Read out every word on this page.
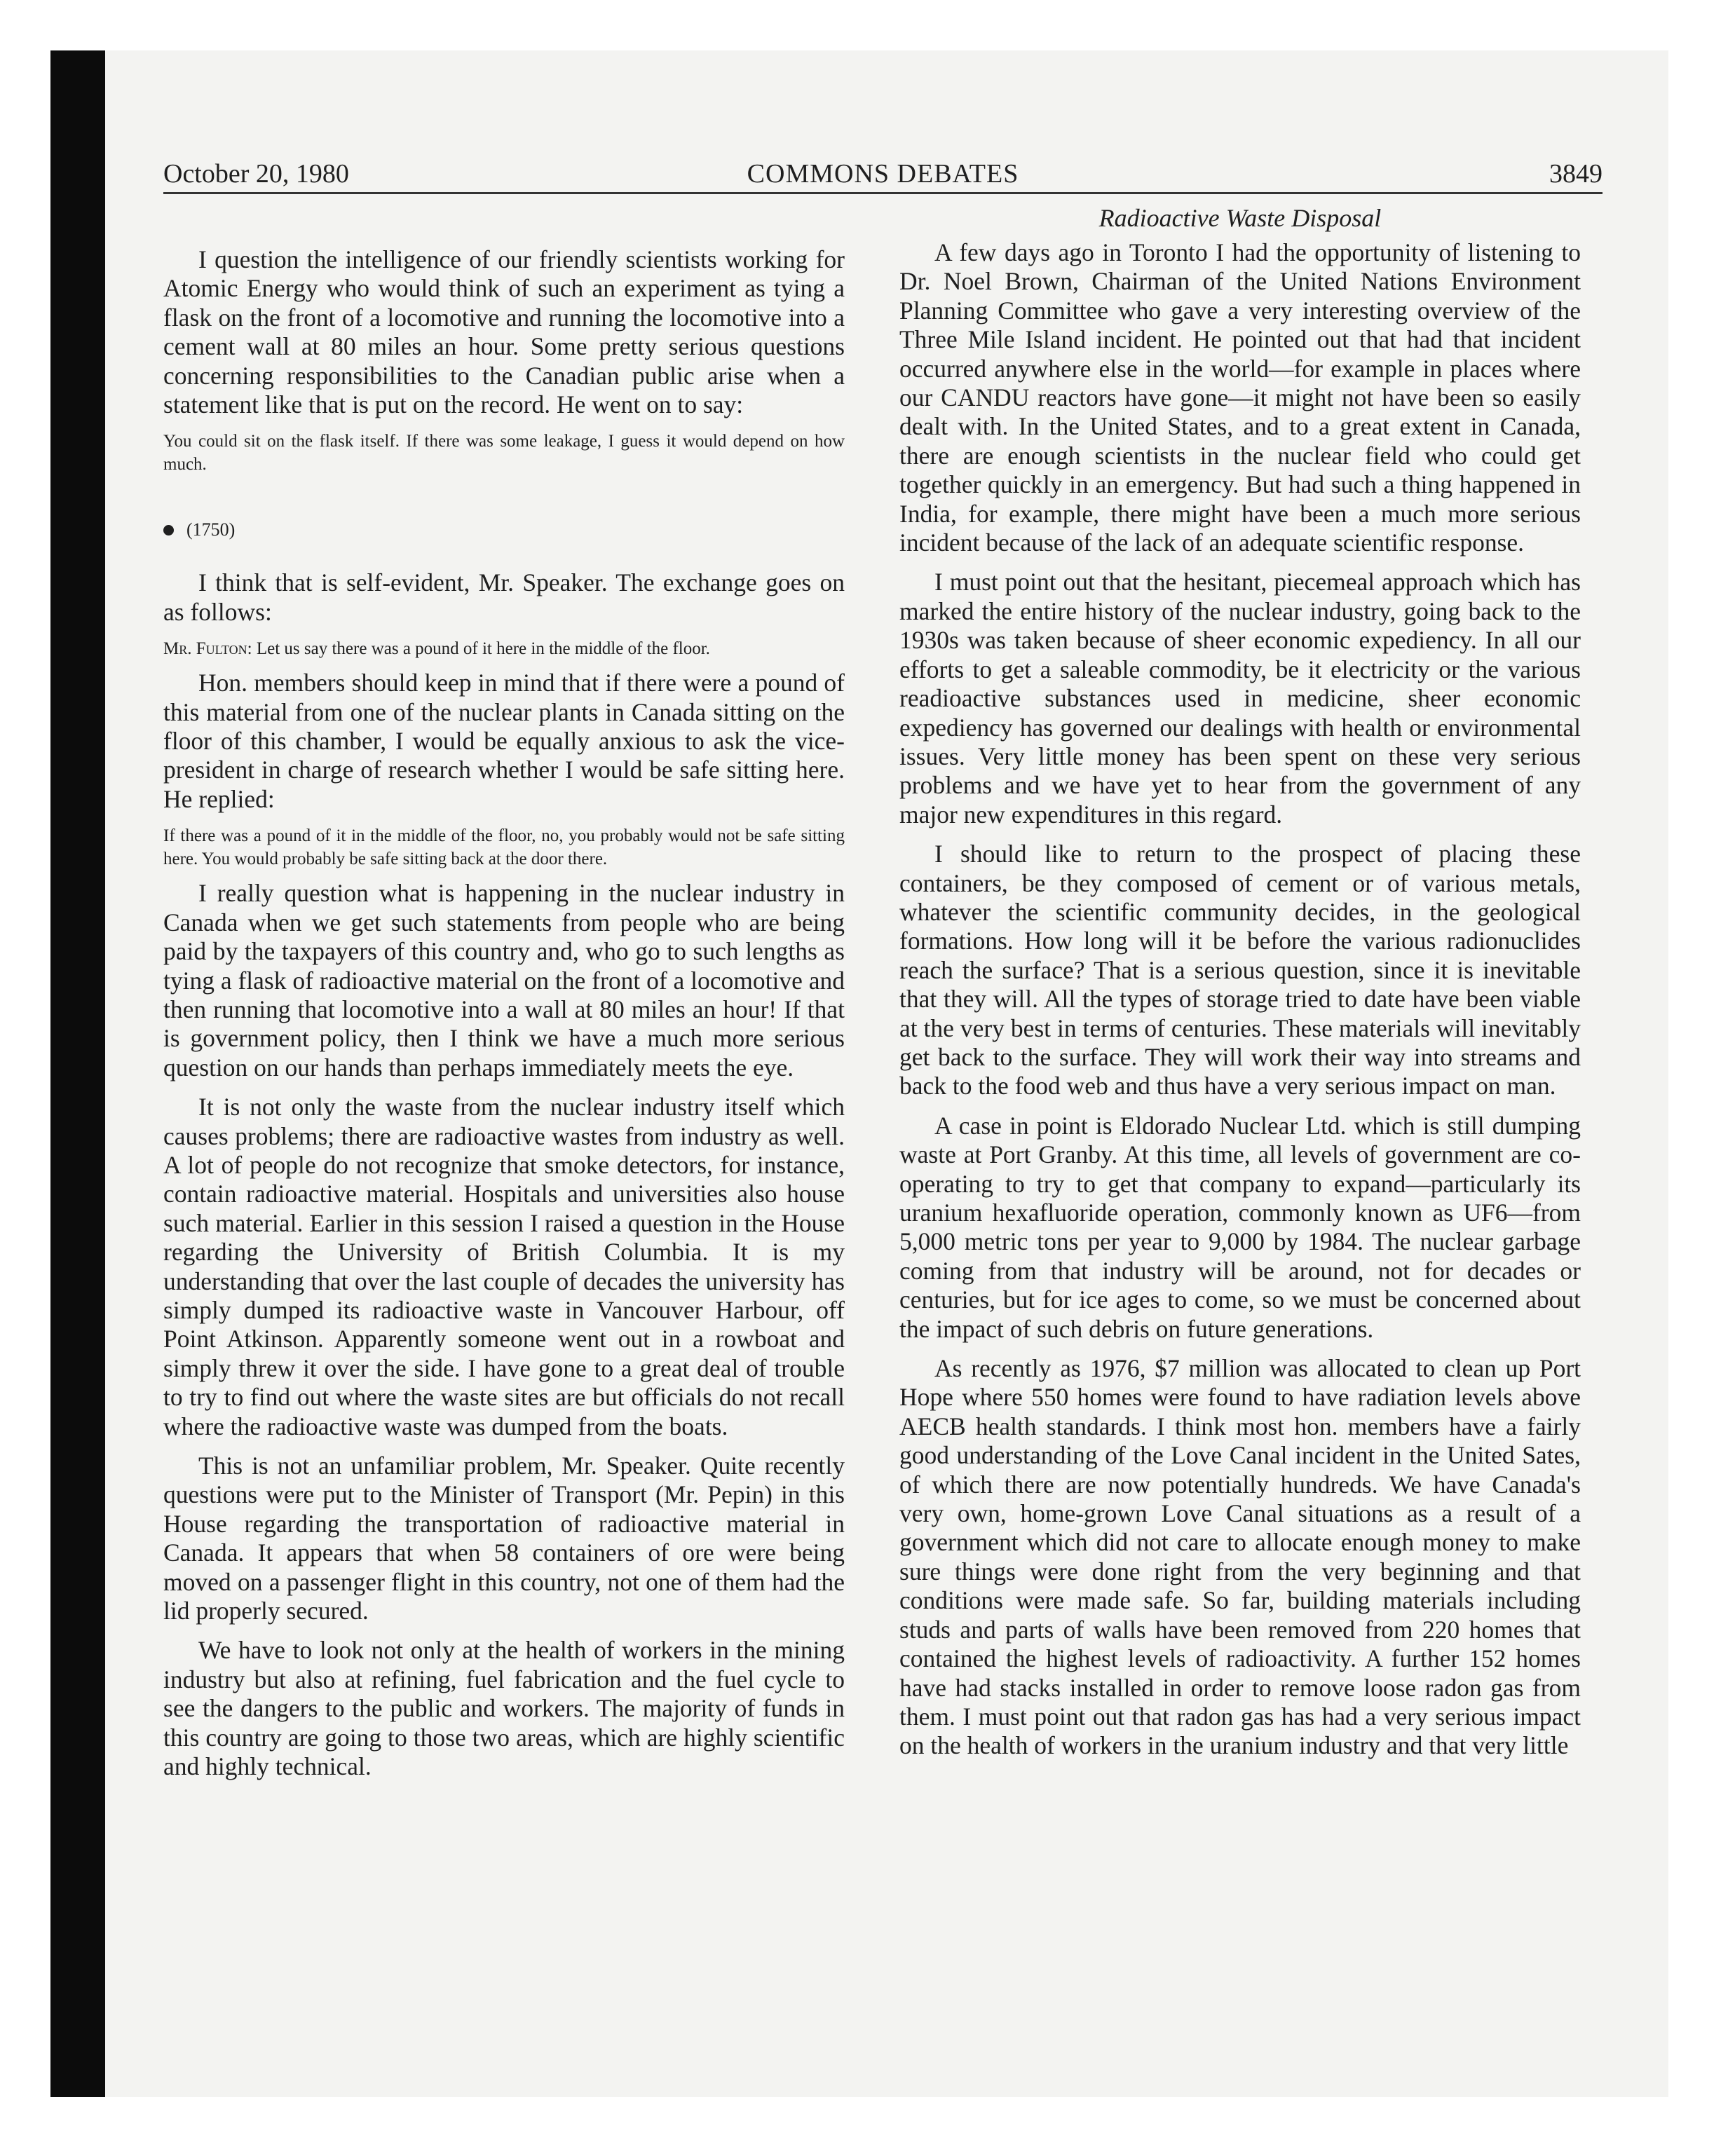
COMMONS DEBATES
October 20, 1980	3849

I question the intelligence of our friendly scientists working for Atomic Energy who would think of such an experiment as tying a flask on the front of a locomotive and running the locomotive into a cement wall at 80 miles an hour. Some pretty serious questions concerning responsibilities to the Canadian public arise when a statement like that is put on the record. He went on to say:

You could sit on the flask itself. If there was some leakage, I guess it would depend on how much.

(1750)

I think that is self-evident, Mr. Speaker. The exchange goes on as follows:

Mr. Fulton: Let us say there was a pound of it here in the middle of the floor.

Hon. members should keep in mind that if there were a pound of this material from one of the nuclear plants in Canada sitting on the floor of this chamber, I would be equally anxious to ask the vice-president in charge of research whether I would be safe sitting here. He replied:

If there was a pound of it in the middle of the floor, no, you probably would not be safe sitting here. You would probably be safe sitting back at the door there.

I really question what is happening in the nuclear industry in Canada when we get such statements from people who are being paid by the taxpayers of this country and, who go to such lengths as tying a flask of radioactive material on the front of a locomotive and then running that locomotive into a wall at 80 miles an hour! If that is government policy, then I think we have a much more serious question on our hands than perhaps immediately meets the eye.

It is not only the waste from the nuclear industry itself which causes problems; there are radioactive wastes from industry as well. A lot of people do not recognize that smoke detectors, for instance, contain radioactive material. Hospitals and universities also house such material. Earlier in this session I raised a question in the House regarding the University of British Columbia. It is my understanding that over the last couple of decades the university has simply dumped its radioactive waste in Vancouver Harbour, off Point Atkinson. Apparently someone went out in a rowboat and simply threw it over the side. I have gone to a great deal of trouble to try to find out where the waste sites are but officials do not recall where the radioactive waste was dumped from the boats.

This is not an unfamiliar problem, Mr. Speaker. Quite recently questions were put to the Minister of Transport (Mr. Pepin) in this House regarding the transportation of radioactive material in Canada. It appears that when 58 containers of ore were being moved on a passenger flight in this country, not one of them had the lid properly secured.

We have to look not only at the health of workers in the mining industry but also at refining, fuel fabrication and the fuel cycle to see the dangers to the public and workers. The majority of funds in this country are going to those two areas, which are highly scientific and highly technical.

Radioactive Waste Disposal

A few days ago in Toronto I had the opportunity of listening to Dr. Noel Brown, Chairman of the United Nations Environment Planning Committee who gave a very interesting overview of the Three Mile Island incident. He pointed out that had that incident occurred anywhere else in the world—for example in places where our CANDU reactors have gone—it might not have been so easily dealt with. In the United States, and to a great extent in Canada, there are enough scientists in the nuclear field who could get together quickly in an emergency. But had such a thing happened in India, for example, there might have been a much more serious incident because of the lack of an adequate scientific response.

I must point out that the hesitant, piecemeal approach which has marked the entire history of the nuclear industry, going back to the 1930s was taken because of sheer economic expediency. In all our efforts to get a saleable commodity, be it electricity or the various readioactive substances used in medicine, sheer economic expediency has governed our dealings with health or environmental issues. Very little money has been spent on these very serious problems and we have yet to hear from the government of any major new expenditures in this regard.

I should like to return to the prospect of placing these containers, be they composed of cement or of various metals, whatever the scientific community decides, in the geological formations. How long will it be before the various radionuclides reach the surface? That is a serious question, since it is inevitable that they will. All the types of storage tried to date have been viable at the very best in terms of centuries. These materials will inevitably get back to the surface. They will work their way into streams and back to the food web and thus have a very serious impact on man.

A case in point is Eldorado Nuclear Ltd. which is still dumping waste at Port Granby. At this time, all levels of government are co-operating to try to get that company to expand—particularly its uranium hexafluoride operation, commonly known as UF6—from 5,000 metric tons per year to 9,000 by 1984. The nuclear garbage coming from that industry will be around, not for decades or centuries, but for ice ages to come, so we must be concerned about the impact of such debris on future generations.

As recently as 1976, $7 million was allocated to clean up Port Hope where 550 homes were found to have radiation levels above AECB health standards. I think most hon. members have a fairly good understanding of the Love Canal incident in the United Sates, of which there are now potentially hundreds. We have Canada's very own, home-grown Love Canal situations as a result of a government which did not care to allocate enough money to make sure things were done right from the very beginning and that conditions were made safe. So far, building materials including studs and parts of walls have been removed from 220 homes that contained the highest levels of radioactivity. A further 152 homes have had stacks installed in order to remove loose radon gas from them. I must point out that radon gas has had a very serious impact on the health of workers in the uranium industry and that very little
